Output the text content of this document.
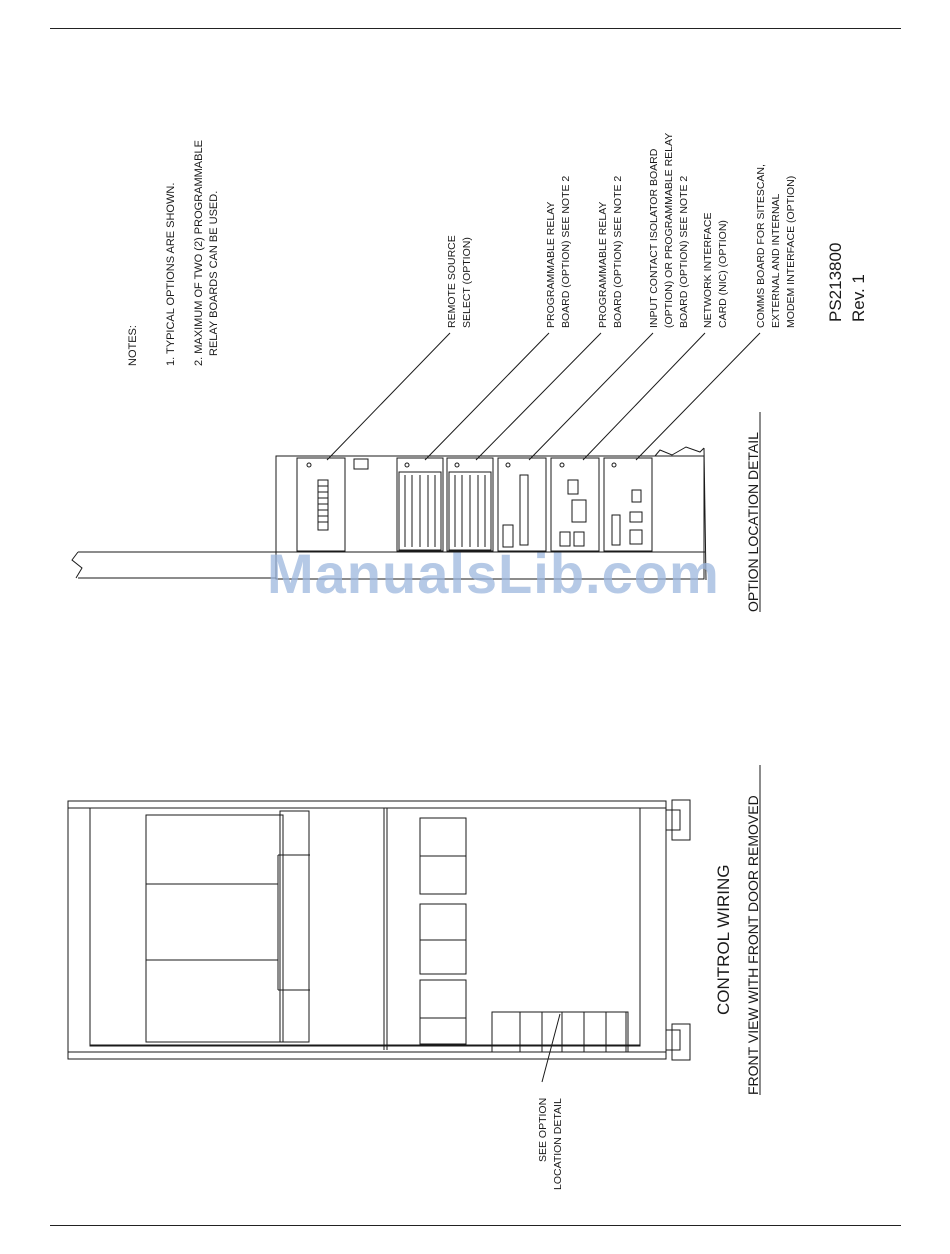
NOTES: 1. TYPICAL OPTIONS ARE SHOWN. 2. MAXIMUM OF TWO (2) PROGRAMMABLE RELAY BOARDS CAN BE USED.	REMOTE SOURCE SELECT (OPTION)	PROGRAMMABLE RELAY BOARD (OPTION) SEE NOTE 2 PROGRAMMABLE RELAY BOARD (OPTION) SEE NOTE 2 INPUT CONTACT ISOLATOR BOARD (OPTION) OR PROGRAMMABLE RELAY BOARD (OPTION) SEE NOTE 2 NETWORK INTERFACE CARD (NIC) (OPTION) COMMS BOARD FOR SITESCAN, EXTERNAL AND INTERNAL MODEM INTERFACE (OPTION) PS213800 Rev. 1
OPTION LOCATION DETAIL
CONTROL WIRING FRONT VIEW WITH FRONT DOOR REMOVED
SEE OPTION LOCATION DETAIL
ManualsLib.com
